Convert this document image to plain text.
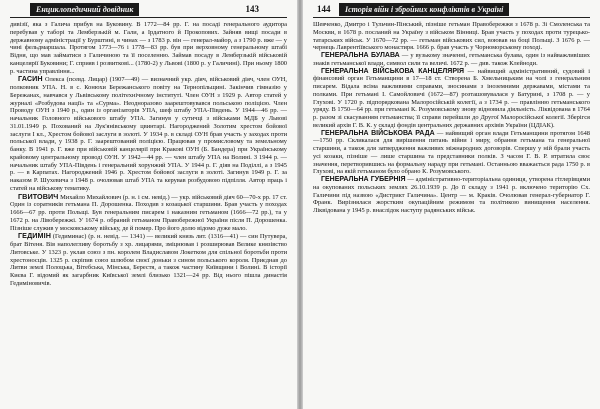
Енциклопедичний довідник	143

дивізії, яка з Галича прибув на Буковину. В 1772—84 рр. Г. на посаді генерального аудитора перебував у таборі та Лемберзькій м. Гали, а Ірдатного й Прокопових. Зайняв вищі посади в державному адміністрації у Бурштині, в чинах — з 1783 р. він — генерал-майор, а з 1790 р. вже — у чині фельдмаршала. Протягом 1773—76 і 1778—83 рр. був при верховному генеральному штабі Відня, що мав займатися з Галичиною та її поселенню. Займав посаду в Лемберзькій військовій канцелярії Буковини; Г. сприяв і розвиткові... (1780-2) у Львові (1800 р. у Галичині). При ньому 1800 р. частина управління...

ГАСИН Олекса (псевд. Лицар) (1907—49) — визначний укр. діяч, військовий діяч, член ОУН, полковник УПА. Н. в с. Конюхи Бережанського повіту на Тернопільщині. Закінчив гімназію у Бережанах, навчався у Львівському політехнічному інституті. Член ОУН з 1929 р. Автор статей у журналі «Розбудова нації» та «Сурма». Неодноразово заарештовувався польською поліцією. Член Проводу ОУН з 1940 р., один із організаторів УПА, шеф штабу УПА-Південь. У 1944—46 рр. — начальник Головного військового штабу УПА. Загинув у сутичці з військами МДБ у Львові 31.01.1949 р. Похований на Лук'янівському цвинтарі. Нагороджений Золотим хрестом бойової заслуги І кл., Хрестом бойової заслуги в золоті. У 1934 р. в складі ОУН брав участь у заходах проти польської влади, у 1938 р. Г. заарештований поліцією. Працював у промисловому та земельному банку. В 1941 р. Г. вже при військовій канцелярії при Кракові ОУН (Б. Бандера) при Українському крайовому центральному проводі ОУН. У 1942—44 рр. — член штабу УПА на Волині. З 1944 р. — начальник штабу УПА-Південь і генеральний хорунжий УПА. У 1944 р. Г. діяв на Поділлі, а з 1945 р. — в Карпатах. Нагороджений 1946 р. Хрестом бойової заслуги в золоті. Загинув 1949 р. Г. за наказом Р. Шухевича з 1948 р. очолював штаб УПА та керував розбудовою підпілля. Автор праць і статей на військову тематику.

ГВИТОВИЧ Михайло Михайлович (р. н. і см. невід.) — укр. військовий діяч 60—70-х рр. 17 ст. Один із соратників гетьмана П. Дорошенка. Походив з козацької старшини. Брав участь у походах 1666—67 рр. проти Польщі. Був генеральним писарем і наказним гетьманом (1666—72 рр.), та у 1672 р. на Лівобережжі. У 1674 р. обраний гетьманом Правобережної України після П. Дорошенка. Пізніше служив у московському війську, де й помер. Про його долю відомо дуже мало.

ГЕДИМІН (Гедиминас) (р. н. невід. — 1341) — великий князь лит. (1316—41) — син Путувера, брат Вітеня. Вів наполегливу боротьбу з хр. лицарями, зміцнював і розширював Велике князівство Литовське. У 1323 р. уклав союз з пн. королем Владиславом Локетком для спільної боротьби проти хрестоносців. 1325 р. скріпив союз шлюбом своєї доньки з сином польського короля. Приєднав до Литви землі Полоцька, Вітебська, Мінська, Берестя, а також частину Київщини і Волині. В історії Києва Г. відомий як загарбник Київської землі близько 1321—24 рр. Від нього пішла династія Гедиміновичів.

144	Історія війн і збройних конфліктів в Україні

Шевченко, Дмитро і Тульчин-Пінський, пізніше гетьман Правобережжя з 1678 р. Зі Смоленська та Москви, в 1678 р. посланий на Україну з військом Вінниці. Брав участь у походах проти турецько-татарських військ. У 1670—72 рр. — гетьман військових сил, воював на боці Польщі. З 1676 р. — чернець Лаврентіївського монастиря. 1666 р. брав участь у Чорноморському поході.

ГЕНЕРАЛЬНА БУЛАВА — у вузькому значенні, гетьманська булава, один із найважливіших знаків гетьманської влади, символ сили та величі. 1672 р. — див. також Клейноди.

ГЕНЕРАЛЬНА ВІЙСЬКОВА КАНЦЕЛЯРІЯ — найвищий адміністративний, судовий і фінансовий орган Гетьманщини в 17—18 ст. Створена Б. Хмельницьким на чолі з генеральним писарем. Відала всіма важливими справами, зносинами з іноземними державами, містами та полками. При гетьмані І. Самойловичі (1672—87) розташовувалася у Батурині, з 1708 р. — у Глухові. У 1720 р. підпорядкована Малоросійській колегії, а з 1734 р. — правлінню гетьманського уряду. В 1750—64 рр. при гетьмані К. Розумовському знову відновила діяльність. Ліквідована в 1764 р. разом зі скасуванням гетьманства; її справи перейшли до Другої Малоросійської колегії. Зберігся великий архів Г. В. К. у складі фондів центральних державних архівів України (ЦДІАК).

ГЕНЕРАЛЬНА ВІЙСЬКОВА РАДА — найвищий орган влади Гетьманщини протягом 1648—1750 рр. Скликалася для вирішення питань війни і миру, обрання гетьмана та генеральної старшини, а також для затвердження важливих міжнародних договорів. Спершу у ній брали участь усі козаки, пізніше — лише старшина та представники полків. З часом Г. В. Р. втратила своє значення, перетворившись на формальну нараду при гетьмані. Останньою вважається рада 1750 р. в Глухові, на якій гетьманом було обрано К. Розумовського.

ГЕНЕРАЛЬНА ГУБЕРНІЯ — адміністративно-територіальна одиниця, утворена гітлерівцями на окупованих польських землях 26.10.1939 р. До її складу з 1941 р. включено територію Сх. Галичини під назвою «Дистрикт Галичина». Центр — м. Краків. Очолював генерал-губернатор Г. Франк. Вирізнялася жорстким окупаційним режимом та політикою винищення населення. Ліквідована у 1945 р. внаслідок наступу радянських військ.
